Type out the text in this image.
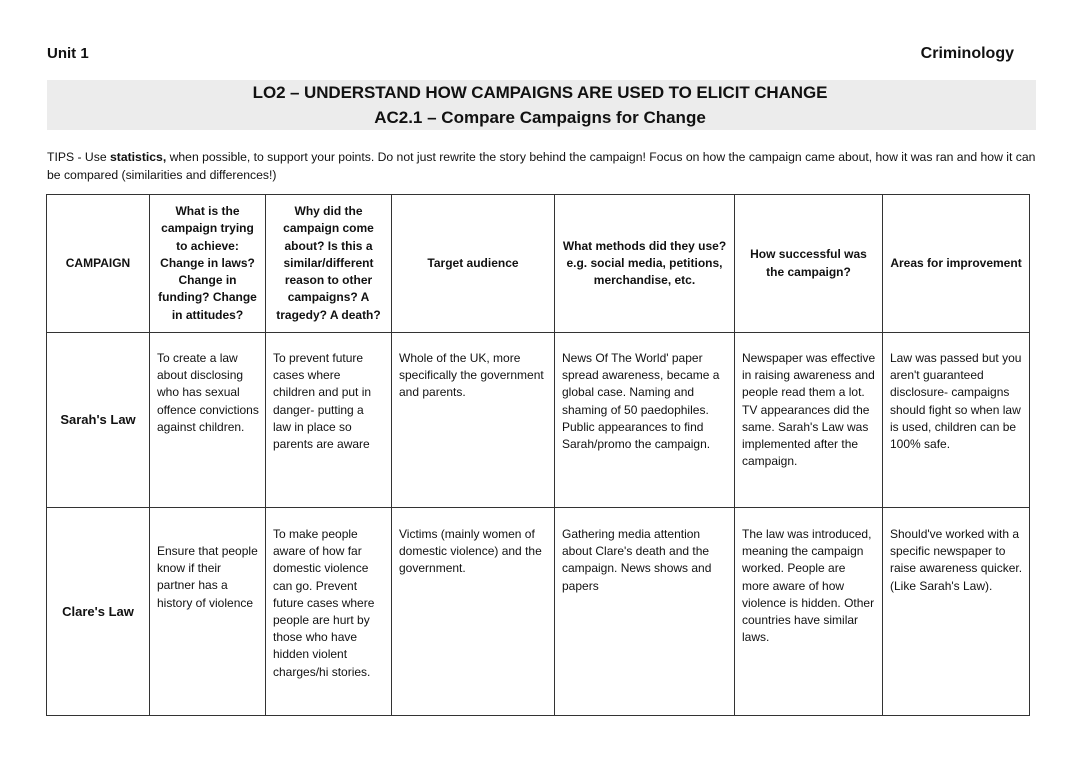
Unit 1	Criminology
LO2 – UNDERSTAND HOW CAMPAIGNS ARE USED TO ELICIT CHANGE
AC2.1 – Compare Campaigns for Change
TIPS - Use statistics, when possible, to support your points. Do not just rewrite the story behind the campaign! Focus on how the campaign came about, how it was ran and how it can be compared (similarities and differences!)
CAMPAIGN	What is the campaign trying to achieve: Change in laws? Change in funding? Change in attitudes?	Why did the campaign come about? Is this a similar/different reason to other campaigns? A tragedy? A death?	Target audience	What methods did they use? e.g. social media, petitions, merchandise, etc.	How successful was the campaign?	Areas for improvement
Sarah's Law	To create a law about disclosing who has sexual offence convictions against children.	To prevent future cases where children and put in danger- putting a law in place so parents are aware	Whole of the UK, more specifically the government and parents.	News Of The World' paper spread awareness, became a global case. Naming and shaming of 50 paedophiles. Public appearances to find Sarah/promo the campaign.	Newspaper was effective in raising awareness and people read them a lot. TV appearances did the same. Sarah's Law was implemented after the campaign.	Law was passed but you aren't guaranteed disclosure- campaigns should fight so when law is used, children can be 100% safe.

Clare's Law	Ensure that people know if their partner has a history of violence	To make people aware of how far domestic violence can go. Prevent future cases where people are hurt by those who have hidden violent charges/hi stories.	Victims (mainly women of domestic violence) and the government.	Gathering media attention about Clare's death and the campaign. News shows and papers	The law was introduced, meaning the campaign worked. People are more aware of how violence is hidden. Other countries have similar laws.	Should've worked with a specific newspaper to raise awareness quicker. (Like Sarah's Law).
